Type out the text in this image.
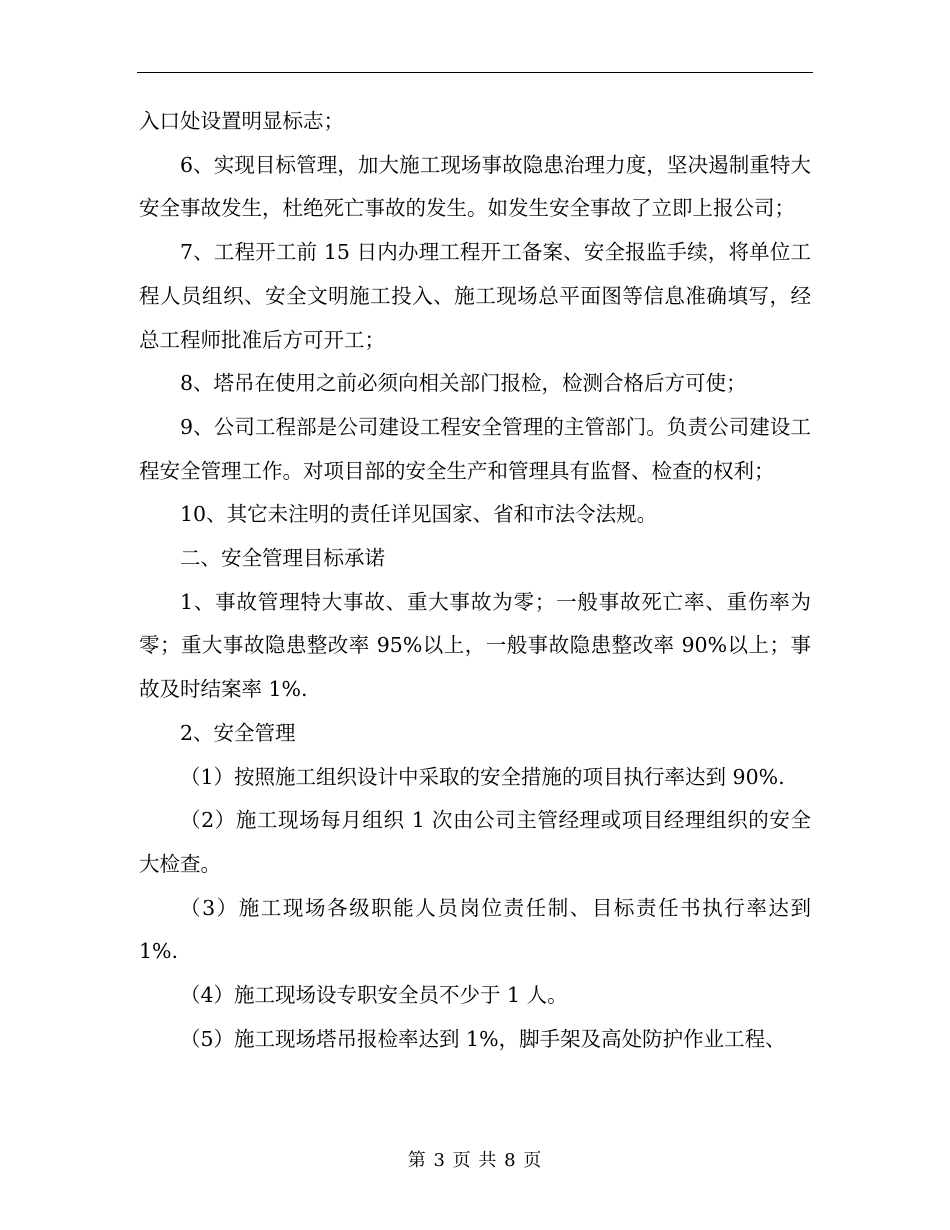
入口处设置明显标志；

6、实现目标管理，加大施工现场事故隐患治理力度，坚决遏制重特大安全事故发生，杜绝死亡事故的发生。如发生安全事故了立即上报公司；

7、工程开工前 15 日内办理工程开工备案、安全报监手续，将单位工程人员组织、安全文明施工投入、施工现场总平面图等信息准确填写，经总工程师批准后方可开工；

8、塔吊在使用之前必须向相关部门报检，检测合格后方可使；

9、公司工程部是公司建设工程安全管理的主管部门。负责公司建设工程安全管理工作。对项目部的安全生产和管理具有监督、检查的权利；

10、其它未注明的责任详见国家、省和市法令法规。

二、安全管理目标承诺

1、事故管理特大事故、重大事故为零；一般事故死亡率、重伤率为零；重大事故隐患整改率 95%以上，一般事故隐患整改率 90%以上；事故及时结案率 1%.

2、安全管理

（1）按照施工组织设计中采取的安全措施的项目执行率达到 90%.

（2）施工现场每月组织 1 次由公司主管经理或项目经理组织的安全大检查。

（3）施工现场各级职能人员岗位责任制、目标责任书执行率达到 1%.

（4）施工现场设专职安全员不少于 1 人。

（5）施工现场塔吊报检率达到 1%，脚手架及高处防护作业工程、

第 3 页 共 8 页
